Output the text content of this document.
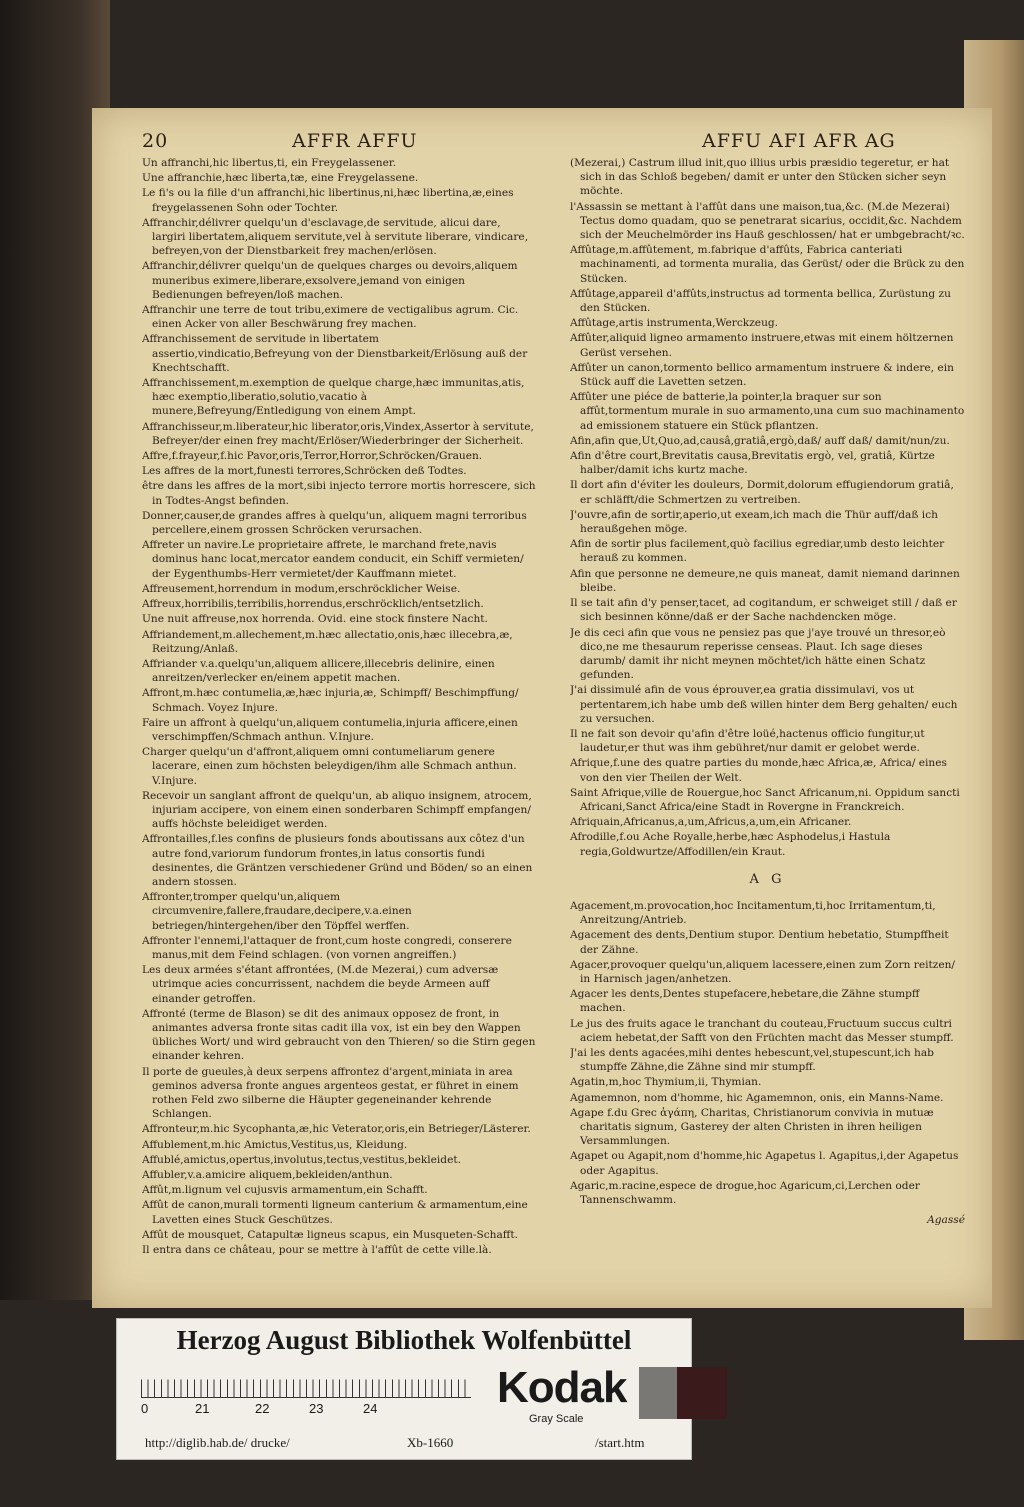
20	AFFR AFFU	AFFU AFI AFR AG
Un affranchi,hic libertus,ti, ein Freygelassener.
Une affranchie,hæc liberta,tæ, eine Freygelassene.
Le fi's ou la fille d'un affranchi,hic libertinus,ni,hæc libertina,æ,eines freygelassenen Sohn oder Tochter.
Affranchir,délivrer quelqu'un d'esclavage,de servitude, alicui dare, largiri libertatem,aliquem servitute,vel à servitute liberare, vindicare, befreyen,von der Dienstbarkeit frey machen/erlösen.
Affranchir,délivrer quelqu'un de quelques charges ou devoirs,aliquem muneribus eximere,liberare,exsolvere,jemand von einigen Bedienungen befreyen/loß machen.
Affranchir une terre de tout tribu,eximere de vectigalibus agrum. Cic. einen Acker von aller Beschwärung frey machen.
Affranchissement de servitude in libertatem assertio,vindicatio,Befreyung von der Dienstbarkeit/Erlösung auß der Knechtschafft.
Affranchissement,m.exemption de quelque charge,hæc immunitas,atis, hæc exemptio,liberatio,solutio,vacatio à munere,Befreyung/Entledigung von einem Ampt.
Affranchisseur,m.liberateur,hic liberator,oris,Vindex,Assertor à servitute, Befreyer/der einen frey macht/Erlöser/Wiederbringer der Sicherheit.
Affre,f.frayeur,f.hic Pavor,oris,Terror,Horror,Schröcken/Grauen.
Les affres de la mort,funesti terrores,Schröcken deß Todtes.
être dans les affres de la mort,sibi injecto terrore mortis horrescere, sich in Todtes-Angst befinden.
Donner,causer,de grandes affres à quelqu'un, aliquem magni terroribus percellere,einem grossen Schröcken verursachen.
Affreter un navire.Le proprietaire affrete, le marchand frete,navis dominus hanc locat,mercator eandem conducit, ein Schiff vermieten/ der Eygenthumbs-Herr vermietet/der Kauffmann mietet.
Affreusement,horrendum in modum,erschröcklicher Weise.
Affreux,horribilis,terribilis,horrendus,erschröcklich/entsetzlich.
Une nuit affreuse,nox horrenda. Ovid. eine stock finstere Nacht.
Affriandement,m.allechement,m.hæc allectatio,onis,hæc illecebra,æ, Reitzung/Anlaß.
Affriander v.a.quelqu'un,aliquem allicere,illecebris delinire, einen anreitzen/verlecker en/einem appetit machen.
Affront,m.hæc contumelia,æ,hæc injuria,æ, Schimpff/ Beschimpffung/ Schmach. Voyez Injure.
Faire un affront à quelqu'un,aliquem contumelia,injuria afficere,einen verschimpffen/Schmach anthun. V.Injure.
Charger quelqu'un d'affront,aliquem omni contumeliarum genere lacerare, einen zum höchsten beleydigen/ihm alle Schmach anthun. V.Injure.
Recevoir un sanglant affront de quelqu'un, ab aliquo insignem, atrocem, injuriam accipere, von einem einen sonderbaren Schimpff empfangen/ auffs höchste beleidiget werden.
Affrontailles,f.les confins de plusieurs fonds aboutissans aux côtez d'un autre fond,variorum fundorum frontes,in latus consortis fundi desinentes, die Gräntzen verschiedener Gründ und Böden/ so an einen andern stossen.
Affronter,tromper quelqu'un,aliquem circumvenire,fallere,fraudare,decipere,v.a.einen betriegen/hintergehen/iber den Töpffel werffen.
Affronter l'ennemi,l'attaquer de front,cum hoste congredi, conserere manus,mit dem Feind schlagen. (von vornen angreiffen.)
Les deux armées s'étant affrontées, (M.de Mezerai,) cum adversæ utrimque acies concurrissent, nachdem die beyde Armeen auff einander getroffen.
Affronté (terme de Blason) se dit des animaux opposez de front, in animantes adversa fronte sitas cadit illa vox, ist ein bey den Wappen übliches Wort/ und wird gebraucht von den Thieren/ so die Stirn gegen einander kehren.
Il porte de gueules,à deux serpens affrontez d'argent,miniata in area geminos adversa fronte angues argenteos gestat, er führet in einem rothen Feld zwo silberne die Häupter gegeneinander kehrende Schlangen.
Affronteur,m.hic Sycophanta,æ,hic Veterator,oris,ein Betrieger/Lästerer.
Affublement,m.hic Amictus,Vestitus,us, Kleidung.
Affublé,amictus,opertus,involutus,tectus,vestitus,bekleidet.
Affubler,v.a.amicire aliquem,bekleiden/anthun.
Affût,m.lignum vel cujusvis armamentum,ein Schafft.
Affût de canon,murali tormenti ligneum canterium & armamentum,eine Lavetten eines Stuck Geschützes.
Affût de mousquet, Catapultæ ligneus scapus, ein Musqueten-Schafft.
Il entra dans ce château, pour se mettre à l'affût de cette ville.là.
(Mezerai,) Castrum illud init,quo illius urbis præsidio tegeretur, er hat sich in das Schloß begeben/ damit er unter den Stücken sicher seyn möchte.
l'Assassin se mettant à l'affût dans une maison,tua,&c. (M.de Mezerai) Tectus domo quadam, quo se penetrarat sicarius, occidit,&c. Nachdem sich der Meuchelmörder ins Hauß geschlossen/ hat er umbgebracht/ꝛc.
Affûtage,m.affûtement, m.fabrique d'affûts, Fabrica canteriati machinamenti, ad tormenta muralia, das Gerüst/ oder die Brück zu den Stücken.
Affûtage,appareil d'affûts,instructus ad tormenta bellica, Zurüstung zu den Stücken.
Affûtage,artis instrumenta,Werckzeug.
Affûter,aliquid ligneo armamento instruere,etwas mit einem höltzernen Gerüst versehen.
Affûter un canon,tormento bellico armamentum instruere & indere, ein Stück auff die Lavetten setzen.
Affûter une piéce de batterie,la pointer,la braquer sur son affût,tormentum murale in suo armamento,una cum suo machinamento ad emissionem statuere ein Stück pflantzen.
Afin,afin que,Ut,Quo,ad,causâ,gratiâ,ergò,daß/ auff daß/ damit/nun/zu.
Afin d'être court,Brevitatis causa,Brevitatis ergò, vel, gratiâ, Kürtze halber/damit ichs kurtz mache.
Il dort afin d'éviter les douleurs, Dormit,dolorum effugiendorum gratiâ, er schläfft/die Schmertzen zu vertreiben.
J'ouvre,afin de sortir,aperio,ut exeam,ich mach die Thür auff/daß ich heraußgehen möge.
Afin de sortir plus facilement,quò facilius egrediar,umb desto leichter herauß zu kommen.
Afin que personne ne demeure,ne quis maneat, damit niemand darinnen bleibe.
Il se tait afin d'y penser,tacet, ad cogitandum, er schweiget still / daß er sich besinnen könne/daß er der Sache nachdencken möge.
Je dis ceci afin que vous ne pensiez pas que j'aye trouvé un thresor,eò dico,ne me thesaurum reperisse censeas. Plaut. Ich sage dieses darumb/ damit ihr nicht meynen möchtet/ich hätte einen Schatz gefunden.
J'ai dissimulé afin de vous éprouver,ea gratia dissimulavi, vos ut pertentarem,ich habe umb deß willen hinter dem Berg gehalten/ euch zu versuchen.
Il ne fait son devoir qu'afin d'être loüé,hactenus officio fungitur,ut laudetur,er thut was ihm gebühret/nur damit er gelobet werde.
Afrique,f.une des quatre parties du monde,hæc Africa,æ, Africa/ eines von den vier Theilen der Welt.
Saint Afrique,ville de Rouergue,hoc Sanct Africanum,ni. Oppidum sancti Africani,Sanct Africa/eine Stadt in Rovergne in Franckreich.
Afriquain,Africanus,a,um,Africus,a,um,ein Africaner.
Afrodille,f.ou Ache Royalle,herbe,hæc Asphodelus,i Hastula regia,Goldwurtze/Affodillen/ein Kraut.
A G
Agacement,m.provocation,hoc Incitamentum,ti,hoc Irritamentum,ti, Anreitzung/Antrieb.
Agacement des dents,Dentium stupor. Dentium hebetatio, Stumpffheit der Zähne.
Agacer,provoquer quelqu'un,aliquem lacessere,einen zum Zorn reitzen/ in Harnisch jagen/anhetzen.
Agacer les dents,Dentes stupefacere,hebetare,die Zähne stumpff machen.
Le jus des fruits agace le tranchant du couteau,Fructuum succus cultri aciem hebetat,der Safft von den Früchten macht das Messer stumpff.
J'ai les dents agacées,mihi dentes hebescunt,vel,stupescunt,ich hab stumpffe Zähne,die Zähne sind mir stumpff.
Agatin,m,hoc Thymium,ii, Thymian.
Agamemnon, nom d'homme, hic Agamemnon, onis, ein Manns-Name.
Agape f.du Grec ἀγάπη, Charitas, Christianorum convivia in mutuæ charitatis signum, Gasterey der alten Christen in ihren heiligen Versammlungen.
Agapet ou Agapit,nom d'homme,hic Agapetus l. Agapitus,i,der Agapetus oder Agapitus.
Agaric,m.racine,espece de drogue,hoc Agaricum,ci,Lerchen oder Tannenschwamm.
Agassé
Herzog August Bibliothek Wolfenbüttel
0	21	22	23	24	Kodak
Gray Scale
http://diglib.hab.de/ drucke/	Xb-1660	/start.htm
